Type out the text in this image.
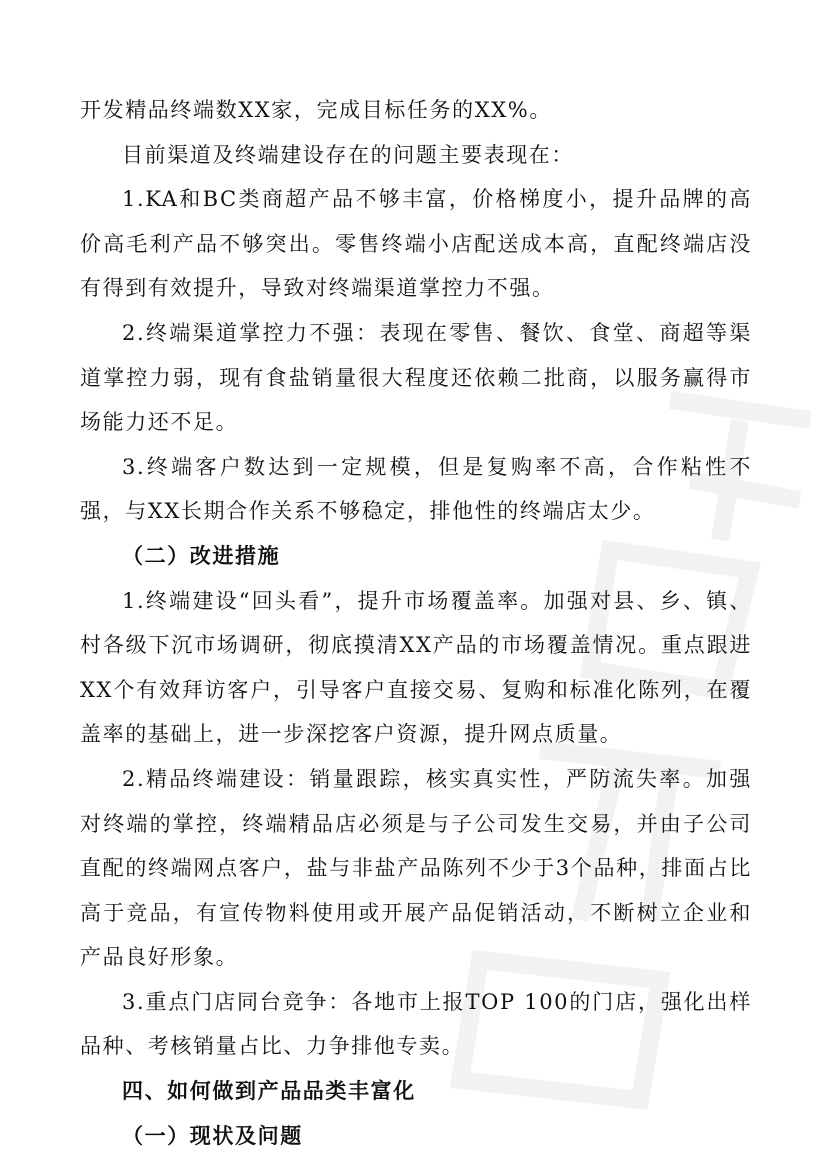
开发精品终端数XX家，完成目标任务的XX%。

目前渠道及终端建设存在的问题主要表现在：

1.KA和BC类商超产品不够丰富，价格梯度小，提升品牌的高价高毛利产品不够突出。零售终端小店配送成本高，直配终端店没有得到有效提升，导致对终端渠道掌控力不强。

2.终端渠道掌控力不强：表现在零售、餐饮、食堂、商超等渠道掌控力弱，现有食盐销量很大程度还依赖二批商，以服务赢得市场能力还不足。

3.终端客户数达到一定规模，但是复购率不高，合作粘性不强，与XX长期合作关系不够稳定，排他性的终端店太少。

（二）改进措施

1.终端建设“回头看”，提升市场覆盖率。加强对县、乡、镇、村各级下沉市场调研，彻底摸清XX产品的市场覆盖情况。重点跟进XX个有效拜访客户，引导客户直接交易、复购和标准化陈列，在覆盖率的基础上，进一步深挖客户资源，提升网点质量。

2.精品终端建设：销量跟踪，核实真实性，严防流失率。加强对终端的掌控，终端精品店必须是与子公司发生交易，并由子公司直配的终端网点客户，盐与非盐产品陈列不少于3个品种，排面占比高于竞品，有宣传物料使用或开展产品促销活动，不断树立企业和产品良好形象。

3.重点门店同台竞争：各地市上报TOP 100的门店，强化出样品种、考核销量占比、力争排他专卖。

四、如何做到产品品类丰富化

（一）现状及问题
